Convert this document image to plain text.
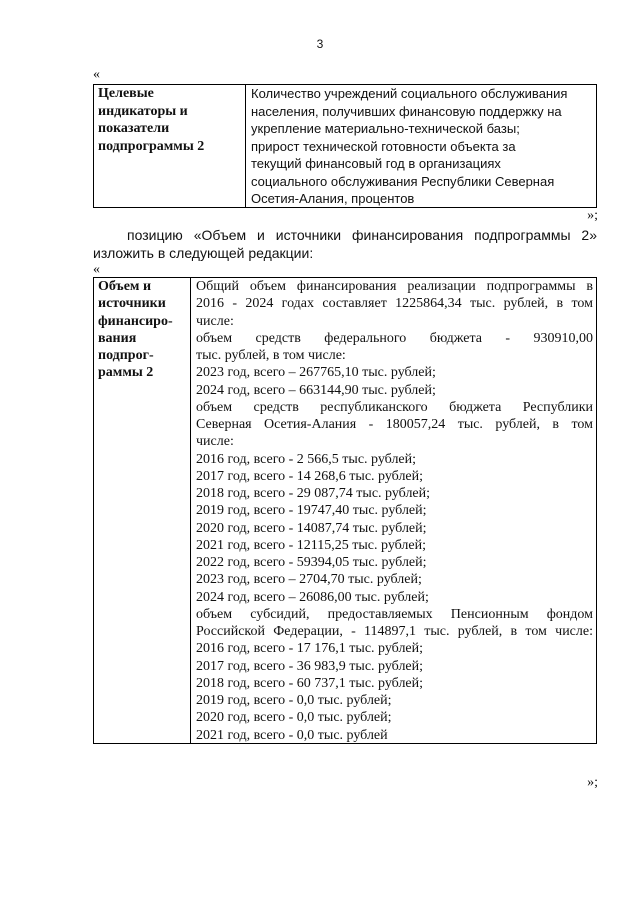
3
«
Целевые
индикаторы и
показатели
подпрограммы 2
Количество учреждений социального обслуживания
населения, получивших финансовую поддержку на
укрепление материально-технической базы;
прирост технической готовности объекта за
текущий финансовый год в организациях
социального обслуживания Республики Северная
Осетия-Алания, процентов
»;
позицию «Объем и источники финансирования подпрограммы 2»
изложить в следующей редакции:
«
Объем и
источники
финансиро-
вания
подпрог-
раммы 2
Общий объем финансирования реализации подпрограммы в
2016 - 2024 годах составляет 1225864,34 тыс. рублей, в том
числе:
объем средств федерального бюджета - 930910,00
тыс. рублей, в том числе:
2023 год, всего – 267765,10 тыс. рублей;
2024 год, всего – 663144,90 тыс. рублей;
объем средств республиканского бюджета Республики
Северная Осетия-Алания - 180057,24 тыс. рублей, в том
числе:
2016 год, всего - 2 566,5 тыс. рублей;
2017 год, всего - 14 268,6 тыс. рублей;
2018 год, всего - 29 087,74 тыс. рублей;
2019 год, всего - 19747,40 тыс. рублей;
2020 год, всего - 14087,74 тыс. рублей;
2021 год, всего - 12115,25 тыс. рублей;
2022 год, всего - 59394,05 тыс. рублей;
2023 год, всего – 2704,70 тыс. рублей;
2024 год, всего – 26086,00 тыс. рублей;
объем субсидий, предоставляемых Пенсионным фондом
Российской Федерации, - 114897,1 тыс. рублей, в том числе:
2016 год, всего - 17 176,1 тыс. рублей;
2017 год, всего - 36 983,9 тыс. рублей;
2018 год, всего - 60 737,1 тыс. рублей;
2019 год, всего - 0,0 тыс. рублей;
2020 год, всего - 0,0 тыс. рублей;
2021 год, всего - 0,0 тыс. рублей
»;
